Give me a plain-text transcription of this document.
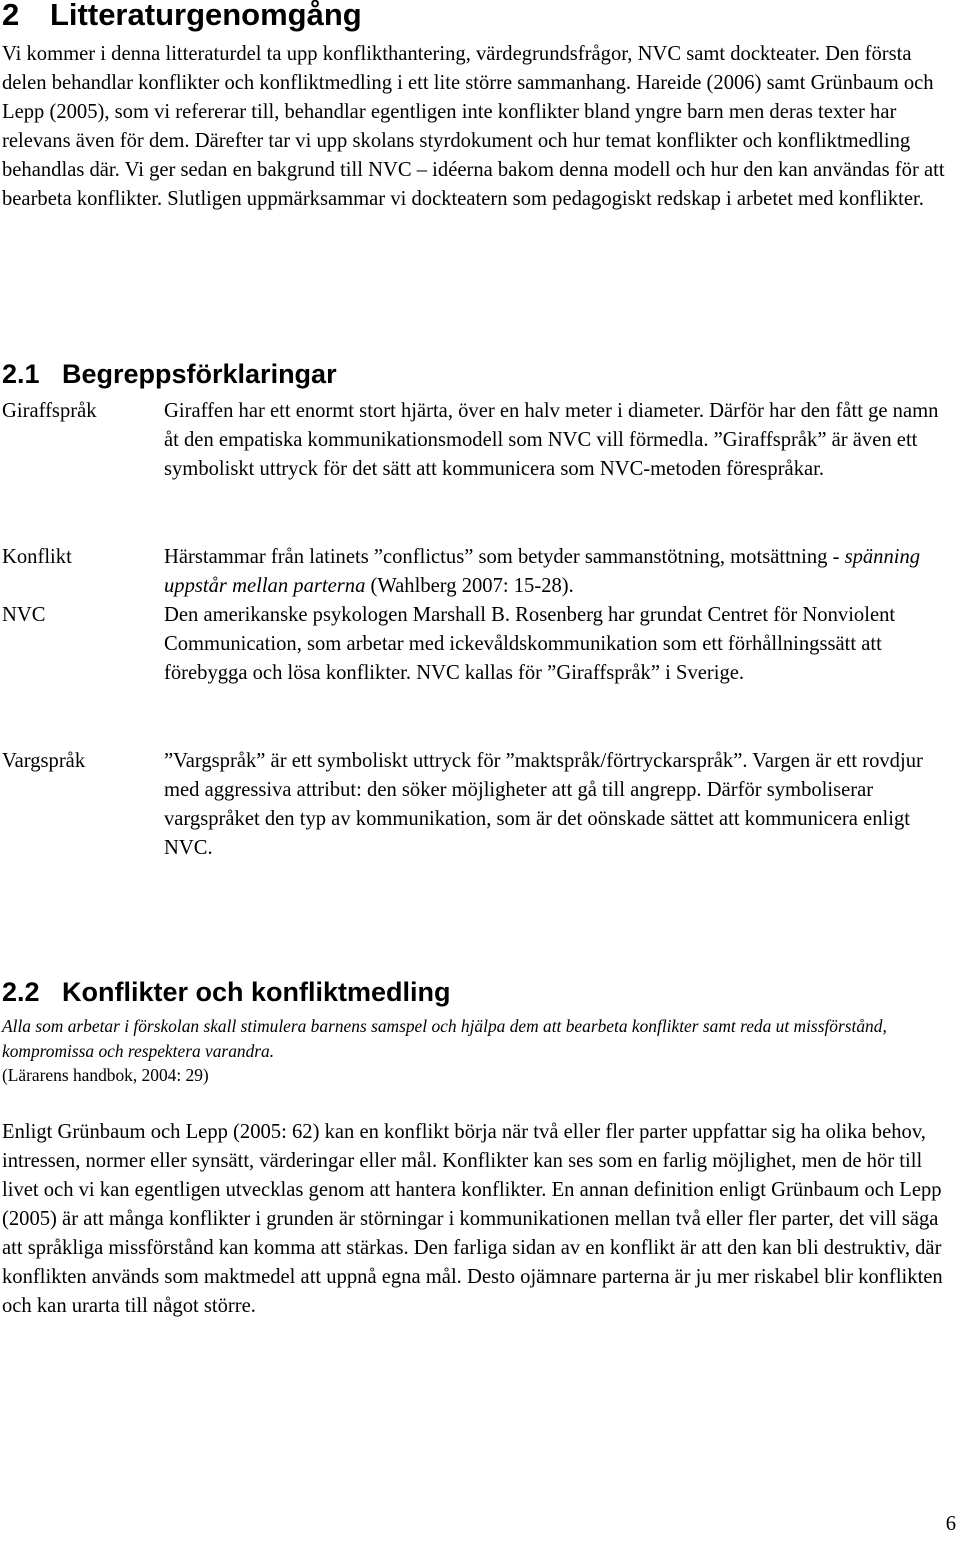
2 Litteraturgenomgång

Vi kommer i denna litteraturdel ta upp konflikthantering, värdegrundsfrågor, NVC samt dockteater. Den första delen behandlar konflikter och konfliktmedling i ett lite större sammanhang. Hareide (2006) samt Grünbaum och Lepp (2005), som vi refererar till, behandlar egentligen inte konflikter bland yngre barn men deras texter har relevans även för dem. Därefter tar vi upp skolans styrdokument och hur temat konflikter och konfliktmedling behandlas där. Vi ger sedan en bakgrund till NVC – idéerna bakom denna modell och hur den kan användas för att bearbeta konflikter. Slutligen uppmärksammar vi dockteatern som pedagogiskt redskap i arbetet med konflikter.

2.1 Begreppsförklaringar
Giraffspråk	Giraffen har ett enormt stort hjärta, över en halv meter i diameter. Därför har den fått ge namn åt den empatiska kommunikationsmodell som NVC vill förmedla. ”Giraffspråk” är även ett symboliskt uttryck för det sätt att kommunicera som NVC-metoden förespråkar.

Konflikt	Härstammar från latinets ”conflictus” som betyder sammanstötning, motsättning - spänning uppstår mellan parterna (Wahlberg 2007: 15-28).

NVC	Den amerikanske psykologen Marshall B. Rosenberg har grundat Centret för Nonviolent Communication, som arbetar med ickevåldskommunikation som ett förhållningssätt att förebygga och lösa konflikter. NVC kallas för ”Giraffspråk” i Sverige.

Vargspråk	”Vargspråk” är ett symboliskt uttryck för ”maktspråk/förtryckarspråk”. Vargen är ett rovdjur med aggressiva attribut: den söker möjligheter att gå till angrepp. Därför symboliserar vargspråket den typ av kommunikation, som är det oönskade sättet att kommunicera enligt NVC.

2.2 Konflikter och konfliktmedling
Alla som arbetar i förskolan skall stimulera barnens samspel och hjälpa dem att bearbeta konflikter samt reda ut missförstånd, kompromissa och respektera varandra.
(Lärarens handbok, 2004: 29)

Enligt Grünbaum och Lepp (2005: 62) kan en konflikt börja när två eller fler parter uppfattar sig ha olika behov, intressen, normer eller synsätt, värderingar eller mål. Konflikter kan ses som en farlig möjlighet, men de hör till livet och vi kan egentligen utvecklas genom att hantera konflikter. En annan definition enligt Grünbaum och Lepp (2005) är att många konflikter i grunden är störningar i kommunikationen mellan två eller fler parter, det vill säga att språkliga missförstånd kan komma att stärkas. Den farliga sidan av en konflikt är att den kan bli destruktiv, där konflikten används som maktmedel att uppnå egna mål. Desto ojämnare parterna är ju mer riskabel blir konflikten och kan urarta till något större.

6
